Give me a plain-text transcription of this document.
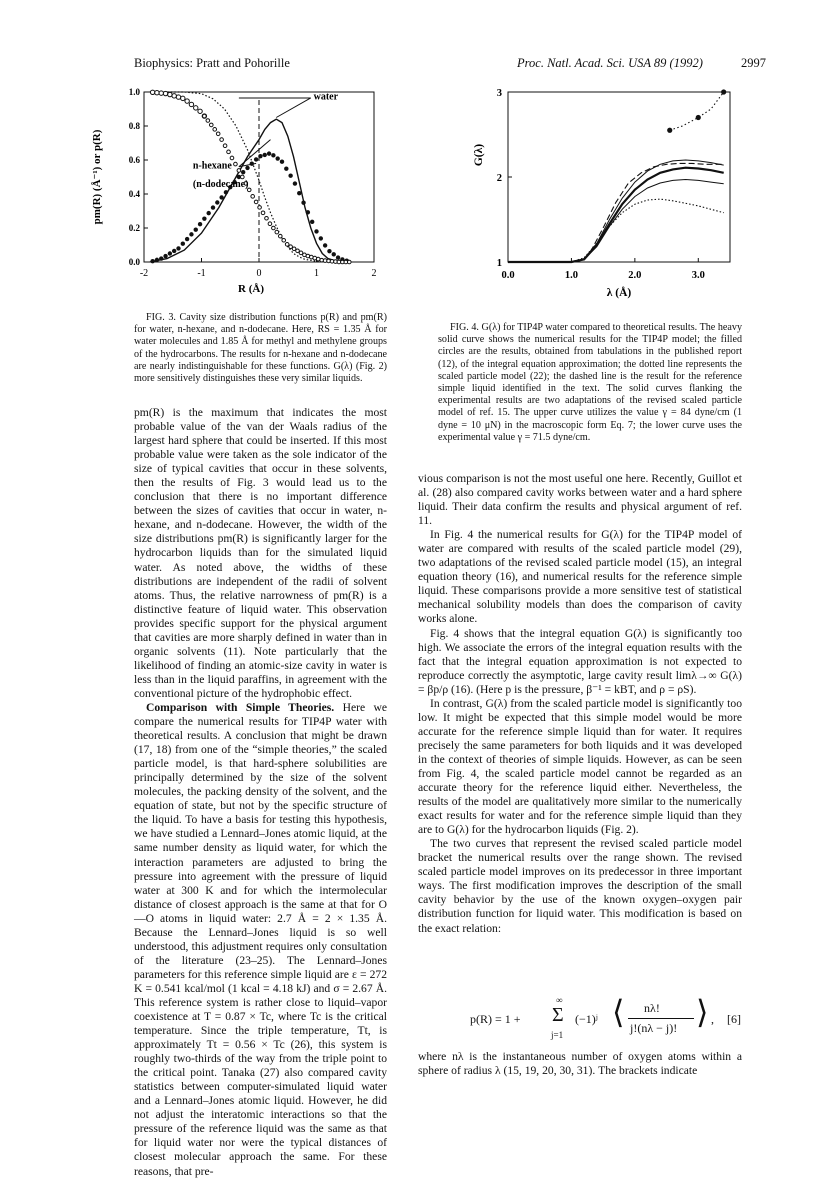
Biophysics: Pratt and Pohorille	Proc. Natl. Acad. Sci. USA 89 (1992)	2997
-2	-1	0	1	2
0.0
0.2
0.4
0.6
0.8
1.0
R (Å)
pm(R) (Å⁻¹) or p(R)
water
n-hexane
(n-dodecane)

FIG. 3. Cavity size distribution functions p(R) and pm(R) for water, n-hexane, and n-dodecane. Here, RS = 1.35 Å for water molecules and 1.85 Å for methyl and methylene groups of the hydrocarbons. The results for n-hexane and n-dodecane are nearly indistinguishable for these functions. G(λ) (Fig. 2) more sensitively distinguishes these very similar liquids.

0.0	1.0	2.0	3.0
1
2
3
λ (Å)
G(λ)

FIG. 4. G(λ) for TIP4P water compared to theoretical results. The heavy solid curve shows the numerical results for the TIP4P model; the filled circles are the results, obtained from tabulations in the published report (12), of the integral equation approximation; the dotted line represents the scaled particle model (22); the dashed line is the result for the reference simple liquid identified in the text. The solid curves flanking the experimental results are two adaptations of the revised scaled particle model of ref. 15. The upper curve utilizes the value γ = 84 dyne/cm (1 dyne = 10 μN) in the macroscopic form Eq. 7; the lower curve uses the experimental value γ = 71.5 dyne/cm.

pm(R) is the maximum that indicates the most probable value of the van der Waals radius of the largest hard sphere that could be inserted. If this most probable value were taken as the sole indicator of the size of typical cavities that occur in these solvents, then the results of Fig. 3 would lead us to the conclusion that there is no important difference between the sizes of cavities that occur in water, n-hexane, and n-dodecane. However, the width of the size distributions pm(R) is significantly larger for the hydrocarbon liquids than for the simulated liquid water. As noted above, the widths of these distributions are independent of the radii of solvent atoms. Thus, the relative narrowness of pm(R) is a distinctive feature of liquid water. This observation provides specific support for the physical argument that cavities are more sharply defined in water than in organic solvents (11). Note particularly that the likelihood of finding an atomic-size cavity in water is less than in the liquid paraffins, in agreement with the conventional picture of the hydrophobic effect.

Comparison with Simple Theories. Here we compare the numerical results for TIP4P water with theoretical results. A conclusion that might be drawn (17, 18) from one of the “simple theories,” the scaled particle model, is that hard-sphere solubilities are principally determined by the size of the solvent molecules, the packing density of the solvent, and the equation of state, but not by the specific structure of the liquid. To have a basis for testing this hypothesis, we have studied a Lennard–Jones atomic liquid, at the same number density as liquid water, for which the interaction parameters are adjusted to bring the pressure into agreement with the pressure of liquid water at 300 K and for which the intermolecular distance of closest approach is the same at that for O—O atoms in liquid water: 2.7 Å = 2 × 1.35 Å. Because the Lennard–Jones liquid is so well understood, this adjustment requires only consultation of the literature (23–25). The Lennard–Jones parameters for this reference simple liquid are ε = 272 K = 0.541 kcal/mol (1 kcal = 4.18 kJ) and σ = 2.67 Å. This reference system is rather close to liquid–vapor coexistence at T = 0.87 × Tc, where Tc is the critical temperature. Since the triple temperature, Tt, is approximately Tt = 0.56 × Tc (26), this system is roughly two-thirds of the way from the triple point to the critical point. Tanaka (27) also compared cavity statistics between computer-simulated liquid water and a Lennard–Jones atomic liquid. However, he did not adjust the interatomic interactions so that the pressure of the reference liquid was the same as that for liquid water nor were the typical distances of closest molecular approach the same. For these reasons, that pre-

vious comparison is not the most useful one here. Recently, Guillot et al. (28) also compared cavity works between water and a hard sphere liquid. Their data confirm the results and physical argument of ref. 11.

In Fig. 4 the numerical results for G(λ) for the TIP4P model of water are compared with results of the scaled particle model (29), two adaptations of the revised scaled particle model (15), an integral equation theory (16), and numerical results for the reference simple liquid. These comparisons provide a more sensitive test of statistical mechanical solubility models than does the comparison of cavity works alone.

Fig. 4 shows that the integral equation G(λ) is significantly too high. We associate the errors of the integral equation results with the fact that the integral equation approximation is not expected to reproduce correctly the asymptotic, large cavity result limλ→∞ G(λ) = βp/ρ (16). (Here p is the pressure, β⁻¹ = kBT, and ρ = ρS).

In contrast, G(λ) from the scaled particle model is significantly too low. It might be expected that this simple model would be more accurate for the reference simple liquid than for water. It requires precisely the same parameters for both liquids and it was developed in the context of theories of simple liquids. However, as can be seen from Fig. 4, the scaled particle model cannot be regarded as an accurate theory for the reference liquid either. Nevertheless, the results of the model are qualitatively more similar to the numerically exact results for water and for the reference simple liquid than they are to G(λ) for the hydrocarbon liquids (Fig. 2).

The two curves that represent the revised scaled particle model bracket the numerical results over the range shown. The revised scaled particle model improves on its predecessor in three important ways. The first modification improves the description of the small cavity behavior by the use of the known oxygen–oxygen pair distribution function for liquid water. This modification is based on the exact relation:

p(R) = 1 + Σ
∞
j=1
(−1)ʲ ⟨ nλ!
j!(nλ − j)! ⟩ , [6]

where nλ is the instantaneous number of oxygen atoms within a sphere of radius λ (15, 19, 20, 30, 31). The brackets indicate
